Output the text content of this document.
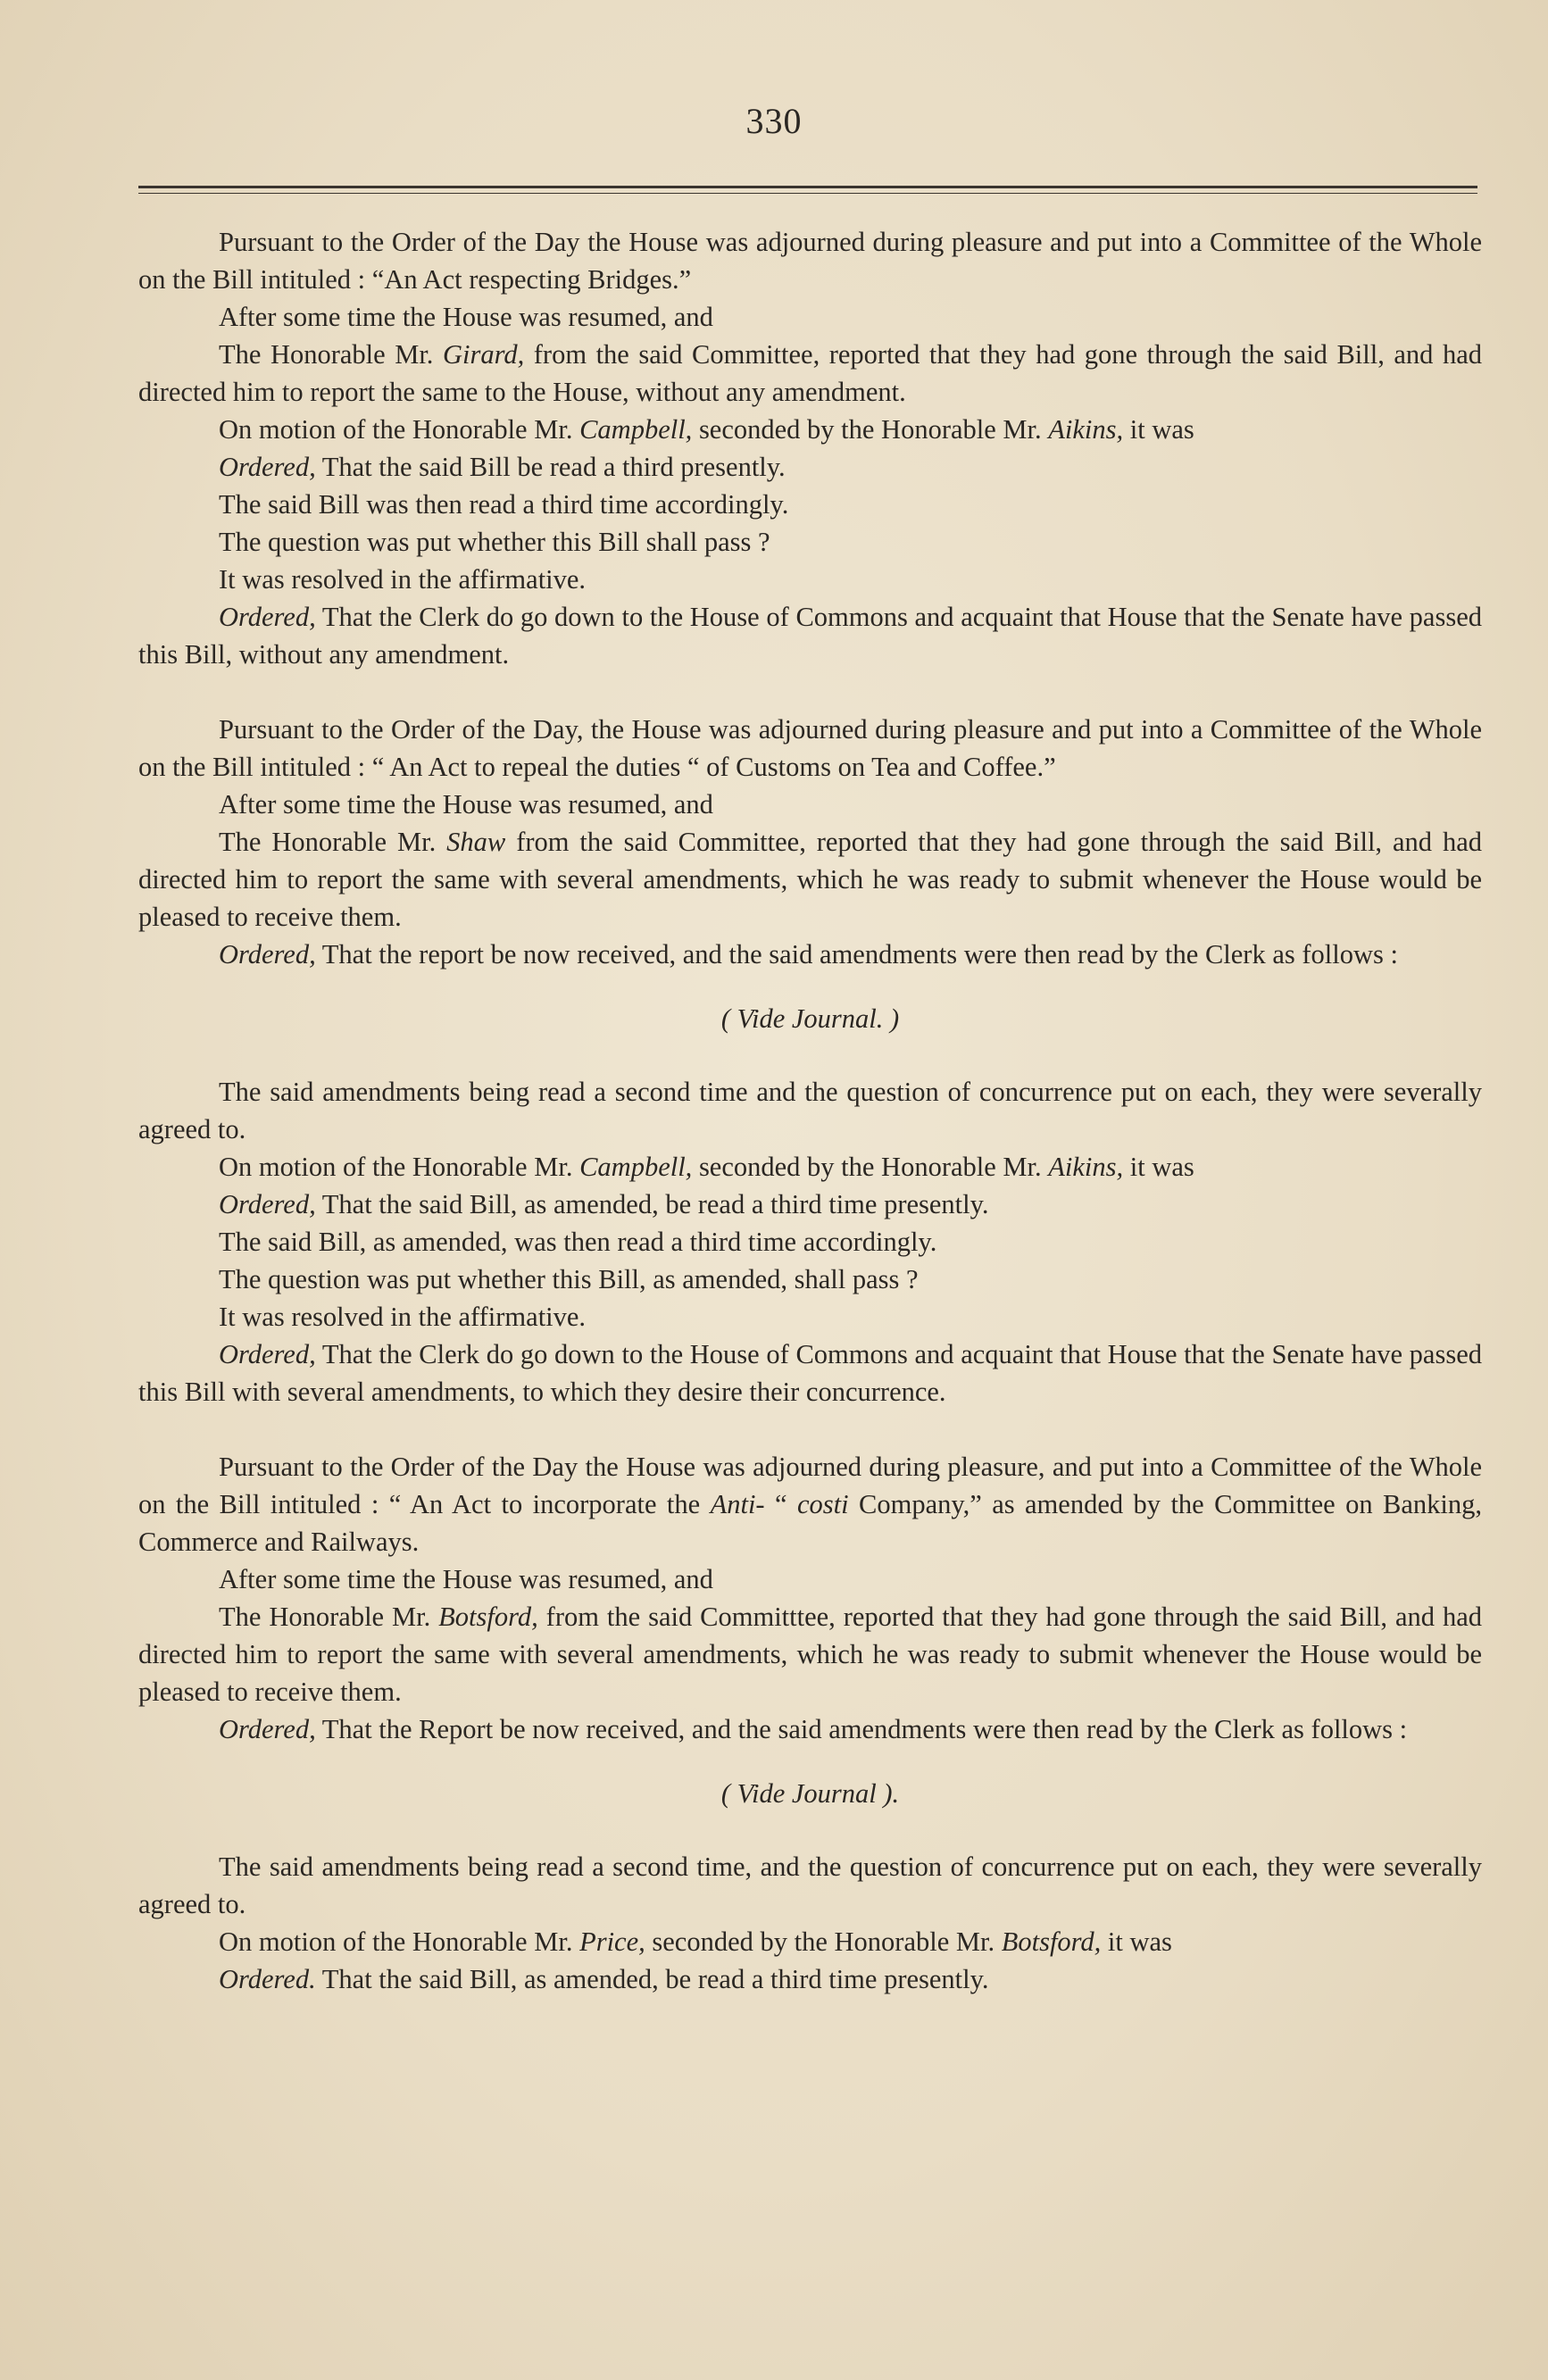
330

Pursuant to the Order of the Day the House was adjourned during pleasure and put into a Committee of the Whole on the Bill intituled : “An Act respecting Bridges.”

After some time the House was resumed, and

The Honorable Mr. Girard, from the said Committee, reported that they had gone through the said Bill, and had directed him to report the same to the House, without any amendment.

On motion of the Honorable Mr. Campbell, seconded by the Honorable Mr. Aikins, it was

Ordered, That the said Bill be read a third presently.

The said Bill was then read a third time accordingly.

The question was put whether this Bill shall pass ?

It was resolved in the affirmative.

Ordered, That the Clerk do go down to the House of Commons and acquaint that House that the Senate have passed this Bill, without any amendment.

Pursuant to the Order of the Day, the House was adjourned during pleasure and put into a Committee of the Whole on the Bill intituled : “ An Act to repeal the duties “ of Customs on Tea and Coffee.”

After some time the House was resumed, and

The Honorable Mr. Shaw from the said Committee, reported that they had gone through the said Bill, and had directed him to report the same with several amendments, which he was ready to submit whenever the House would be pleased to receive them.

Ordered, That the report be now received, and the said amendments were then read by the Clerk as follows :

( Vide Journal. )

The said amendments being read a second time and the question of concurrence put on each, they were severally agreed to.

On motion of the Honorable Mr. Campbell, seconded by the Honorable Mr. Aikins, it was

Ordered, That the said Bill, as amended, be read a third time presently.

The said Bill, as amended, was then read a third time accordingly.

The question was put whether this Bill, as amended, shall pass ?

It was resolved in the affirmative.

Ordered, That the Clerk do go down to the House of Commons and acquaint that House that the Senate have passed this Bill with several amendments, to which they desire their concurrence.

Pursuant to the Order of the Day the House was adjourned during pleasure, and put into a Committee of the Whole on the Bill intituled : “ An Act to incorporate the Anti- “ costi Company,” as amended by the Committee on Banking, Commerce and Railways.

After some time the House was resumed, and

The Honorable Mr. Botsford, from the said Committtee, reported that they had gone through the said Bill, and had directed him to report the same with several amendments, which he was ready to submit whenever the House would be pleased to receive them.

Ordered, That the Report be now received, and the said amendments were then read by the Clerk as follows :

( Vide Journal ).

The said amendments being read a second time, and the question of concurrence put on each, they were severally agreed to.

On motion of the Honorable Mr. Price, seconded by the Honorable Mr. Botsford, it was

Ordered. That the said Bill, as amended, be read a third time presently.
